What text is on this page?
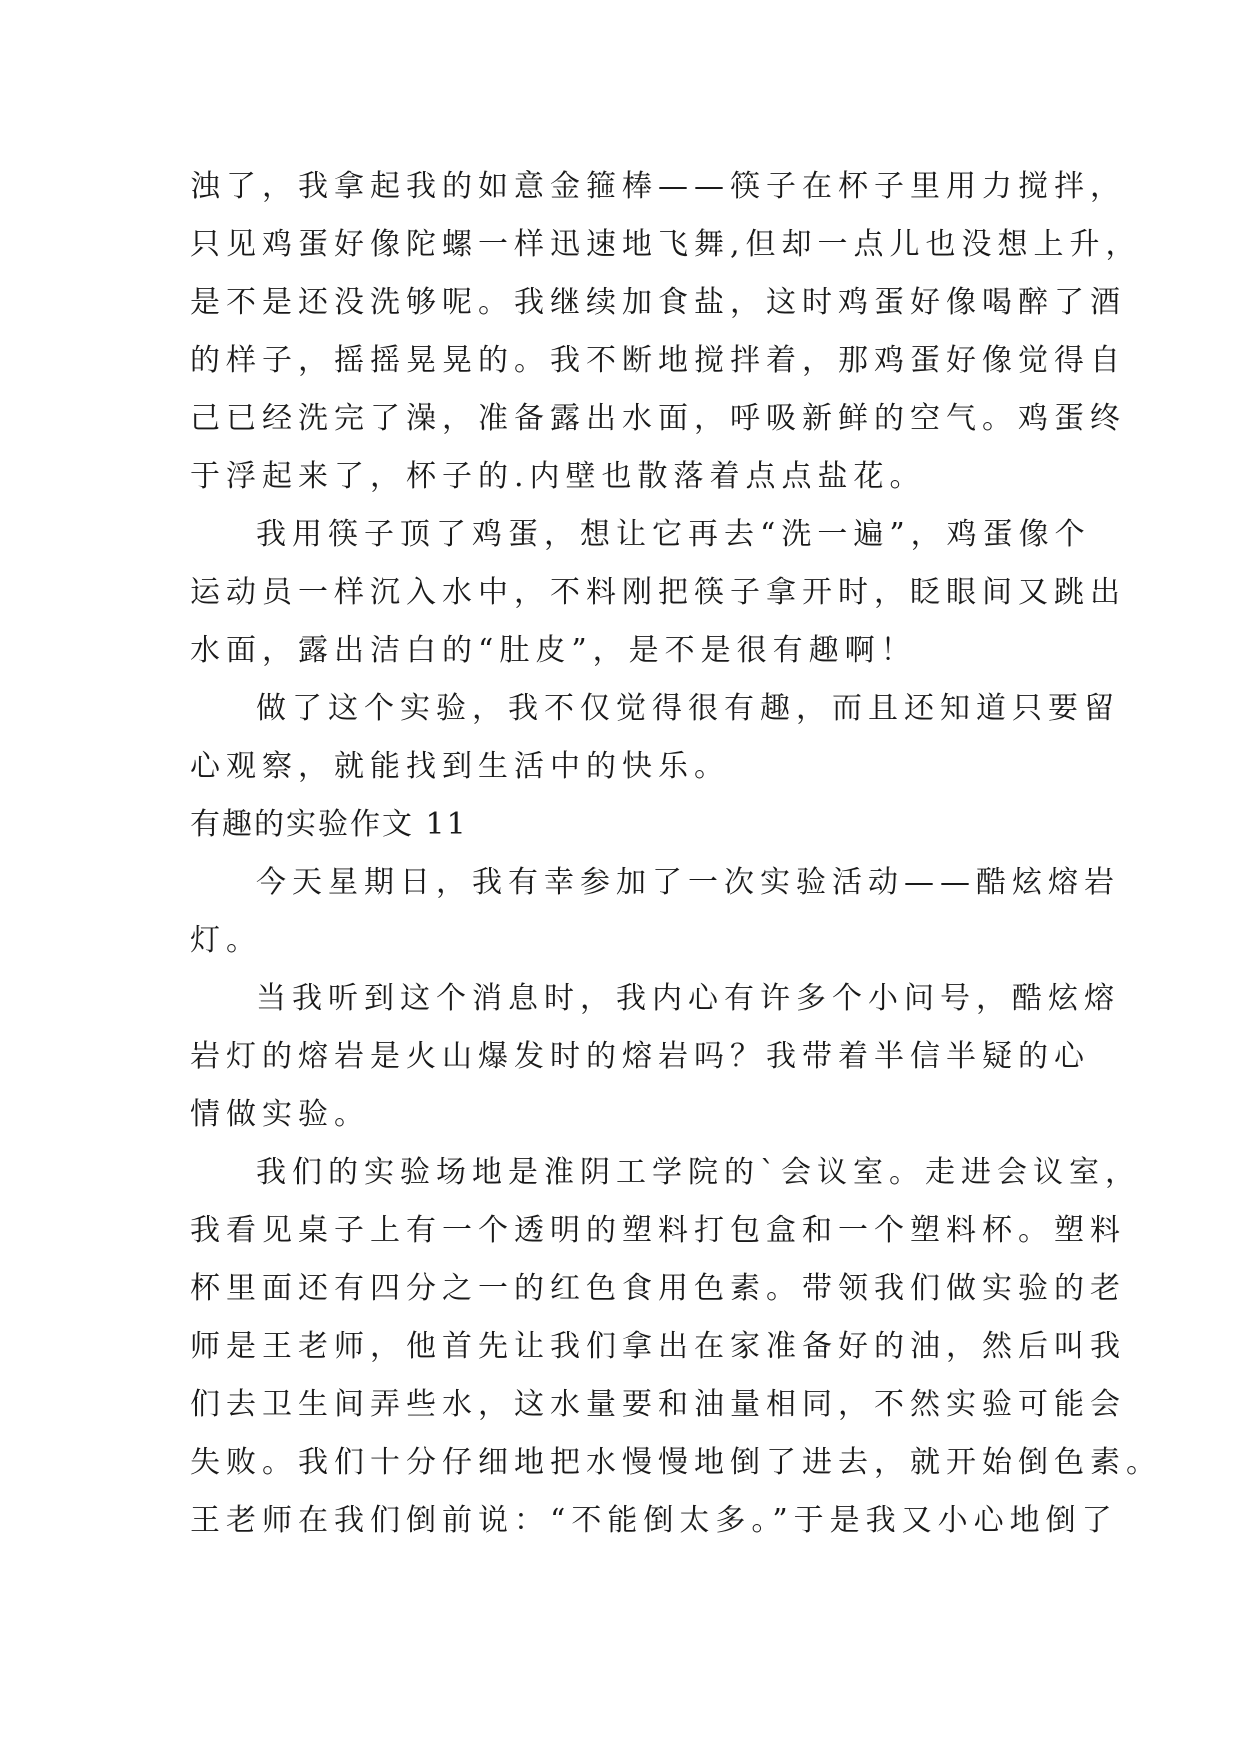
浊了，我拿起我的如意金箍棒——筷子在杯子里用力搅拌，
只见鸡蛋好像陀螺一样迅速地飞舞,但却一点儿也没想上升，
是不是还没洗够呢。我继续加食盐，这时鸡蛋好像喝醉了酒
的样子，摇摇晃晃的。我不断地搅拌着，那鸡蛋好像觉得自
己已经洗完了澡，准备露出水面，呼吸新鲜的空气。鸡蛋终
于浮起来了，杯子的.内壁也散落着点点盐花。
我用筷子顶了鸡蛋，想让它再去“洗一遍”，鸡蛋像个
运动员一样沉入水中，不料刚把筷子拿开时，眨眼间又跳出
水面，露出洁白的“肚皮”，是不是很有趣啊！
做了这个实验，我不仅觉得很有趣，而且还知道只要留
心观察，就能找到生活中的快乐。
有趣的实验作文 11
今天星期日，我有幸参加了一次实验活动——酷炫熔岩
灯。
当我听到这个消息时，我内心有许多个小问号，酷炫熔
岩灯的熔岩是火山爆发时的熔岩吗？我带着半信半疑的心
情做实验。
我们的实验场地是淮阴工学院的`会议室。走进会议室，
我看见桌子上有一个透明的塑料打包盒和一个塑料杯。塑料
杯里面还有四分之一的红色食用色素。带领我们做实验的老
师是王老师，他首先让我们拿出在家准备好的油，然后叫我
们去卫生间弄些水，这水量要和油量相同，不然实验可能会
失败。我们十分仔细地把水慢慢地倒了进去，就开始倒色素。
王老师在我们倒前说：“不能倒太多。”于是我又小心地倒了
